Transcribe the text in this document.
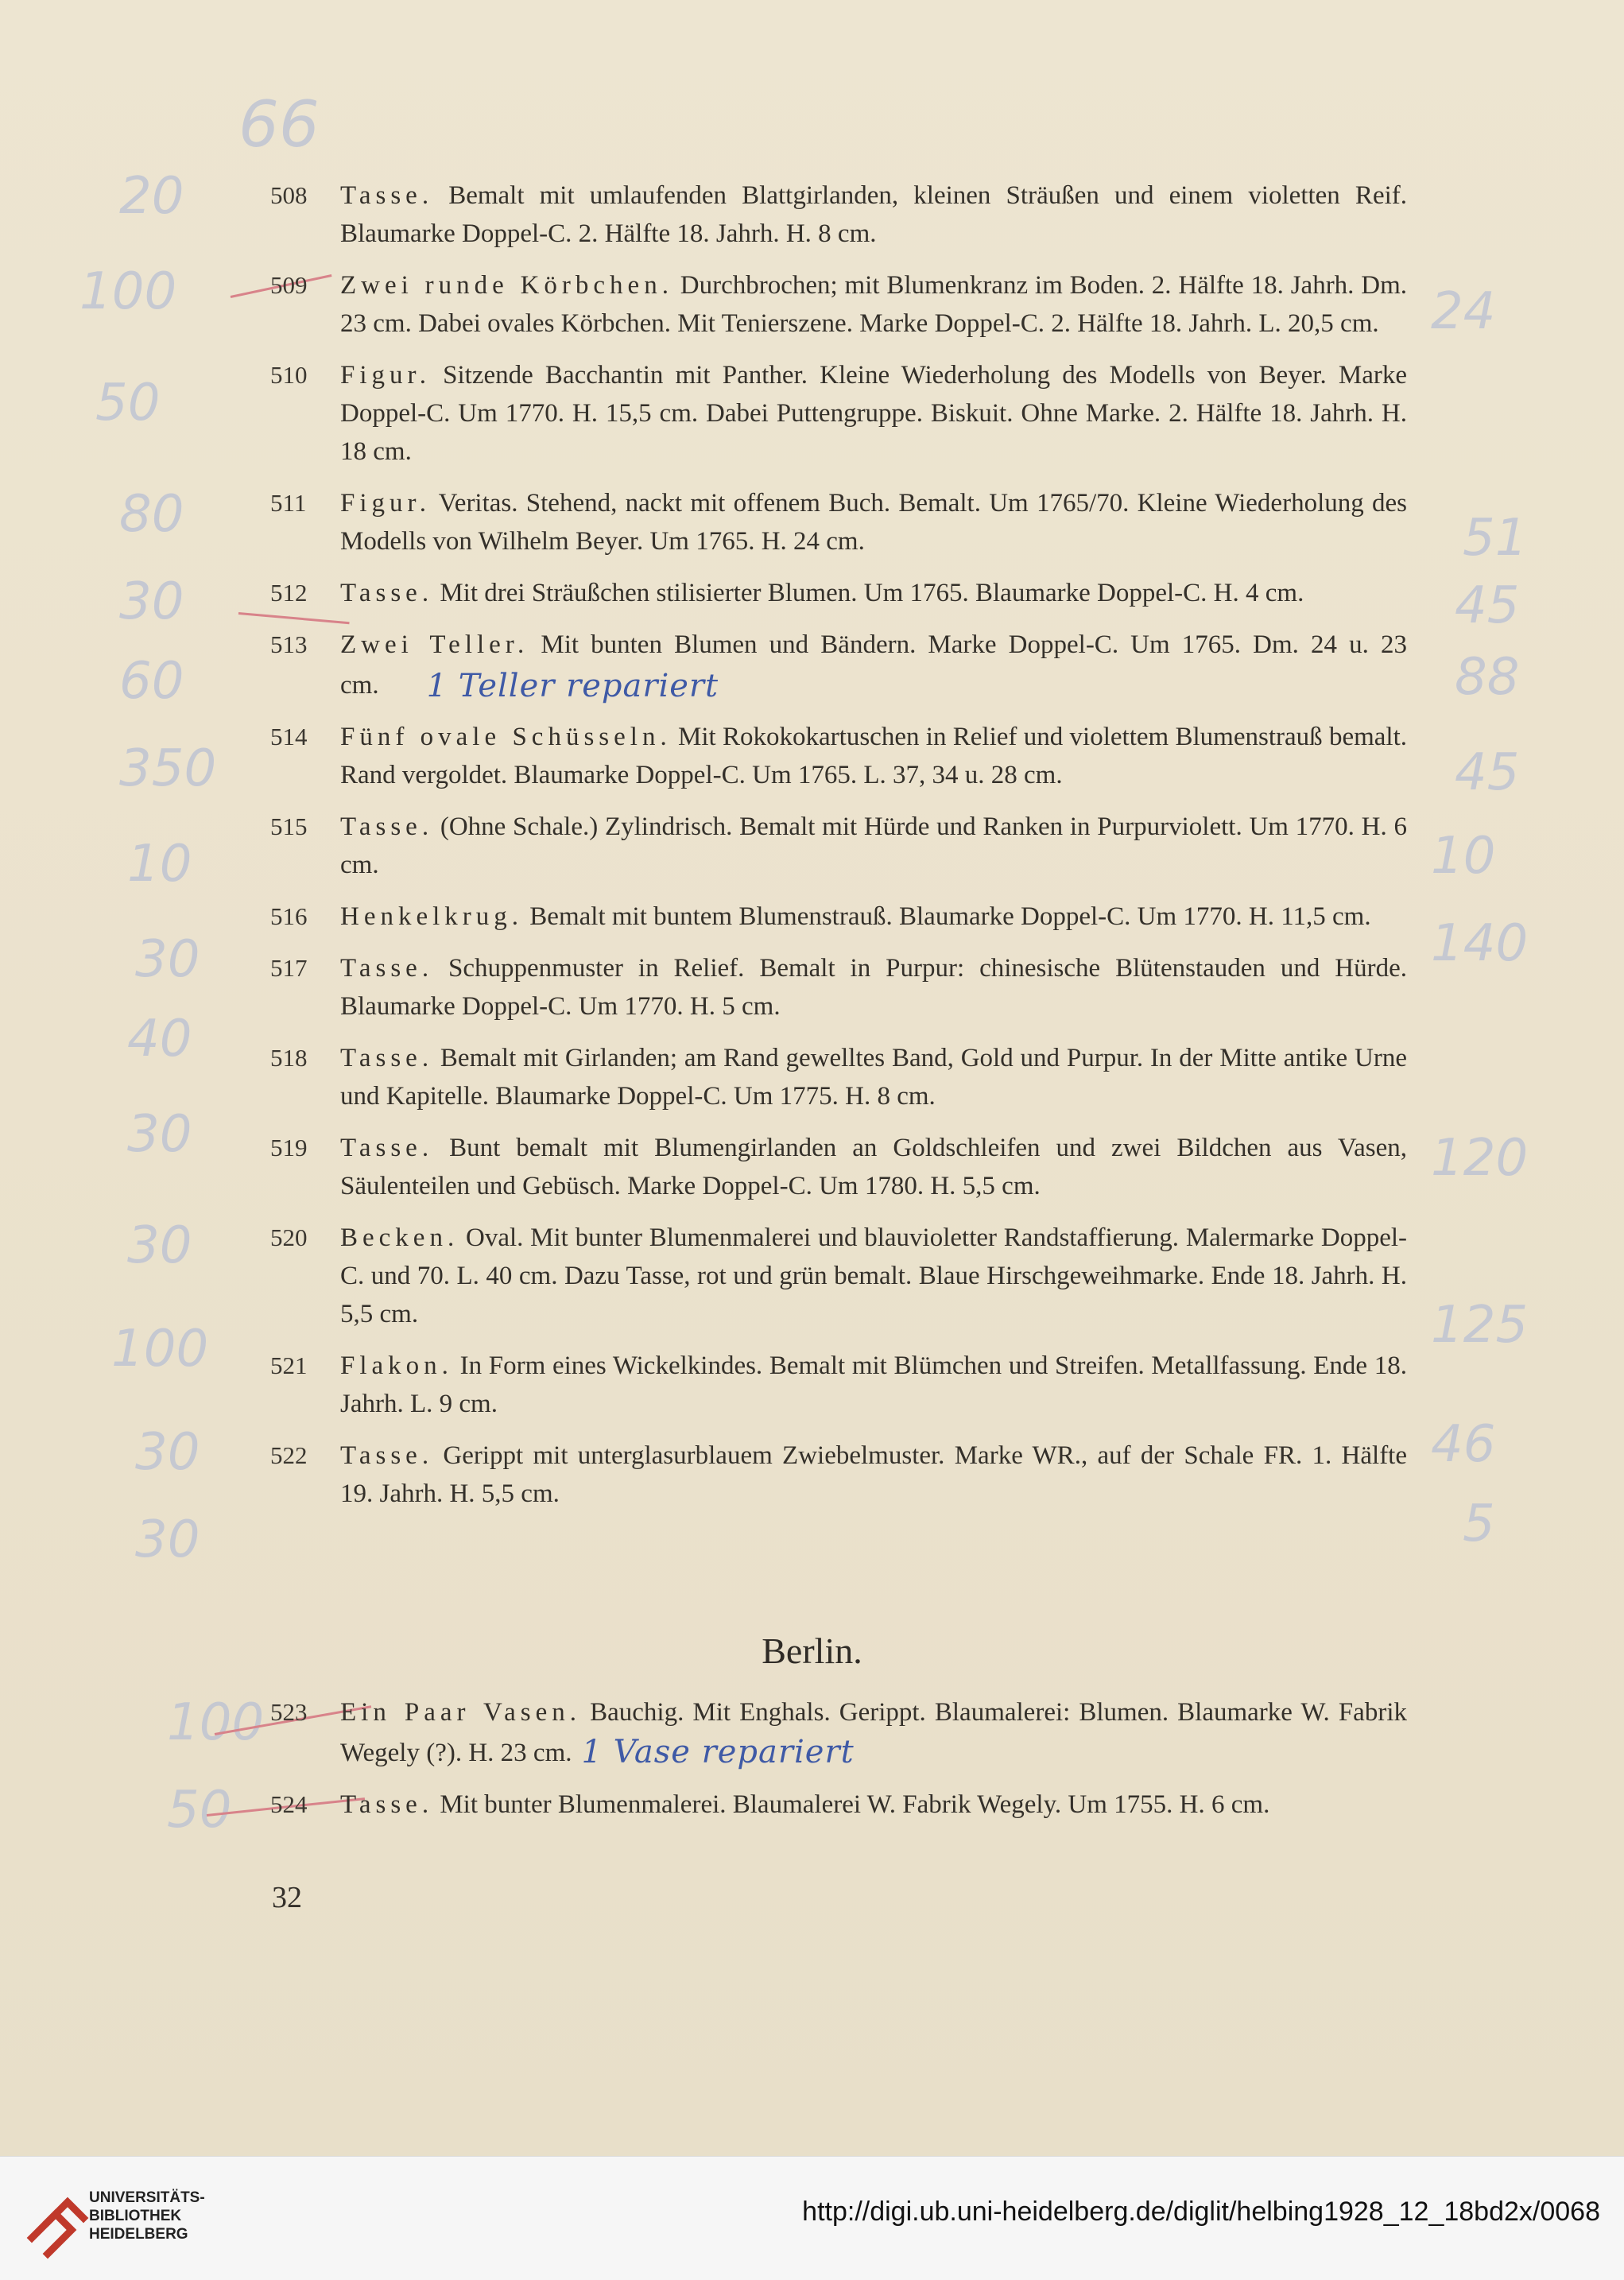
66
20
100
50
80
30
60
350
10
30
40
30
30
100
30
30
100
50
24
51
45
88
45
10
140
120
125
46
5
508	Tasse. Bemalt mit umlaufenden Blattgirlanden, kleinen Sträußen und einem violetten Reif. Blaumarke Doppel-C. 2. Hälfte 18. Jahrh. H. 8 cm.
509	Zwei runde Körbchen. Durchbrochen; mit Blumenkranz im Boden. 2. Hälfte 18. Jahrh. Dm. 23 cm. Dabei ovales Körbchen. Mit Tenierszene. Marke Doppel-C. 2. Hälfte 18. Jahrh. L. 20,5 cm.
510	Figur. Sitzende Bacchantin mit Panther. Kleine Wiederholung des Modells von Beyer. Marke Doppel-C. Um 1770. H. 15,5 cm. Dabei Puttengruppe. Biskuit. Ohne Marke. 2. Hälfte 18. Jahrh. H. 18 cm.
511	Figur. Veritas. Stehend, nackt mit offenem Buch. Bemalt. Um 1765/70. Kleine Wiederholung des Modells von Wilhelm Beyer. Um 1765. H. 24 cm.
512	Tasse. Mit drei Sträußchen stilisierter Blumen. Um 1765. Blaumarke Doppel-C. H. 4 cm.
513	Zwei Teller. Mit bunten Blumen und Bändern. Marke Doppel-C. Um 1765. Dm. 24 u. 23 cm. 1 Teller repariert
514	Fünf ovale Schüsseln. Mit Rokokokartuschen in Relief und violettem Blumenstrauß bemalt. Rand vergoldet. Blaumarke Doppel-C. Um 1765. L. 37, 34 u. 28 cm.
515	Tasse. (Ohne Schale.) Zylindrisch. Bemalt mit Hürde und Ranken in Purpurviolett. Um 1770. H. 6 cm.
516	Henkelkrug. Bemalt mit buntem Blumenstrauß. Blaumarke Doppel-C. Um 1770. H. 11,5 cm.
517	Tasse. Schuppenmuster in Relief. Bemalt in Purpur: chinesische Blütenstauden und Hürde. Blaumarke Doppel-C. Um 1770. H. 5 cm.
518	Tasse. Bemalt mit Girlanden; am Rand gewelltes Band, Gold und Purpur. In der Mitte antike Urne und Kapitelle. Blaumarke Doppel-C. Um 1775. H. 8 cm.
519	Tasse. Bunt bemalt mit Blumengirlanden an Goldschleifen und zwei Bildchen aus Vasen, Säulenteilen und Gebüsch. Marke Doppel-C. Um 1780. H. 5,5 cm.
520	Becken. Oval. Mit bunter Blumenmalerei und blauvioletter Randstaffierung. Malermarke Doppel-C. und 70. L. 40 cm. Dazu Tasse, rot und grün bemalt. Blaue Hirschgeweihmarke. Ende 18. Jahrh. H. 5,5 cm.
521	Flakon. In Form eines Wickelkindes. Bemalt mit Blümchen und Streifen. Metallfassung. Ende 18. Jahrh. L. 9 cm.
522	Tasse. Gerippt mit unterglasurblauem Zwiebelmuster. Marke WR., auf der Schale FR. 1. Hälfte 19. Jahrh. H. 5,5 cm.
Berlin.
523	Ein Paar Vasen. Bauchig. Mit Enghals. Gerippt. Blaumalerei: Blumen. Blaumarke W. Fabrik Wegely (?). H. 23 cm. 1 Vase repariert
524	Tasse. Mit bunter Blumenmalerei. Blaumalerei W. Fabrik Wegely. Um 1755. H. 6 cm.
32
UNIVERSITÄTS-
BIBLIOTHEK
HEIDELBERG
http://digi.ub.uni-heidelberg.de/diglit/helbing1928_12_18bd2x/0068
